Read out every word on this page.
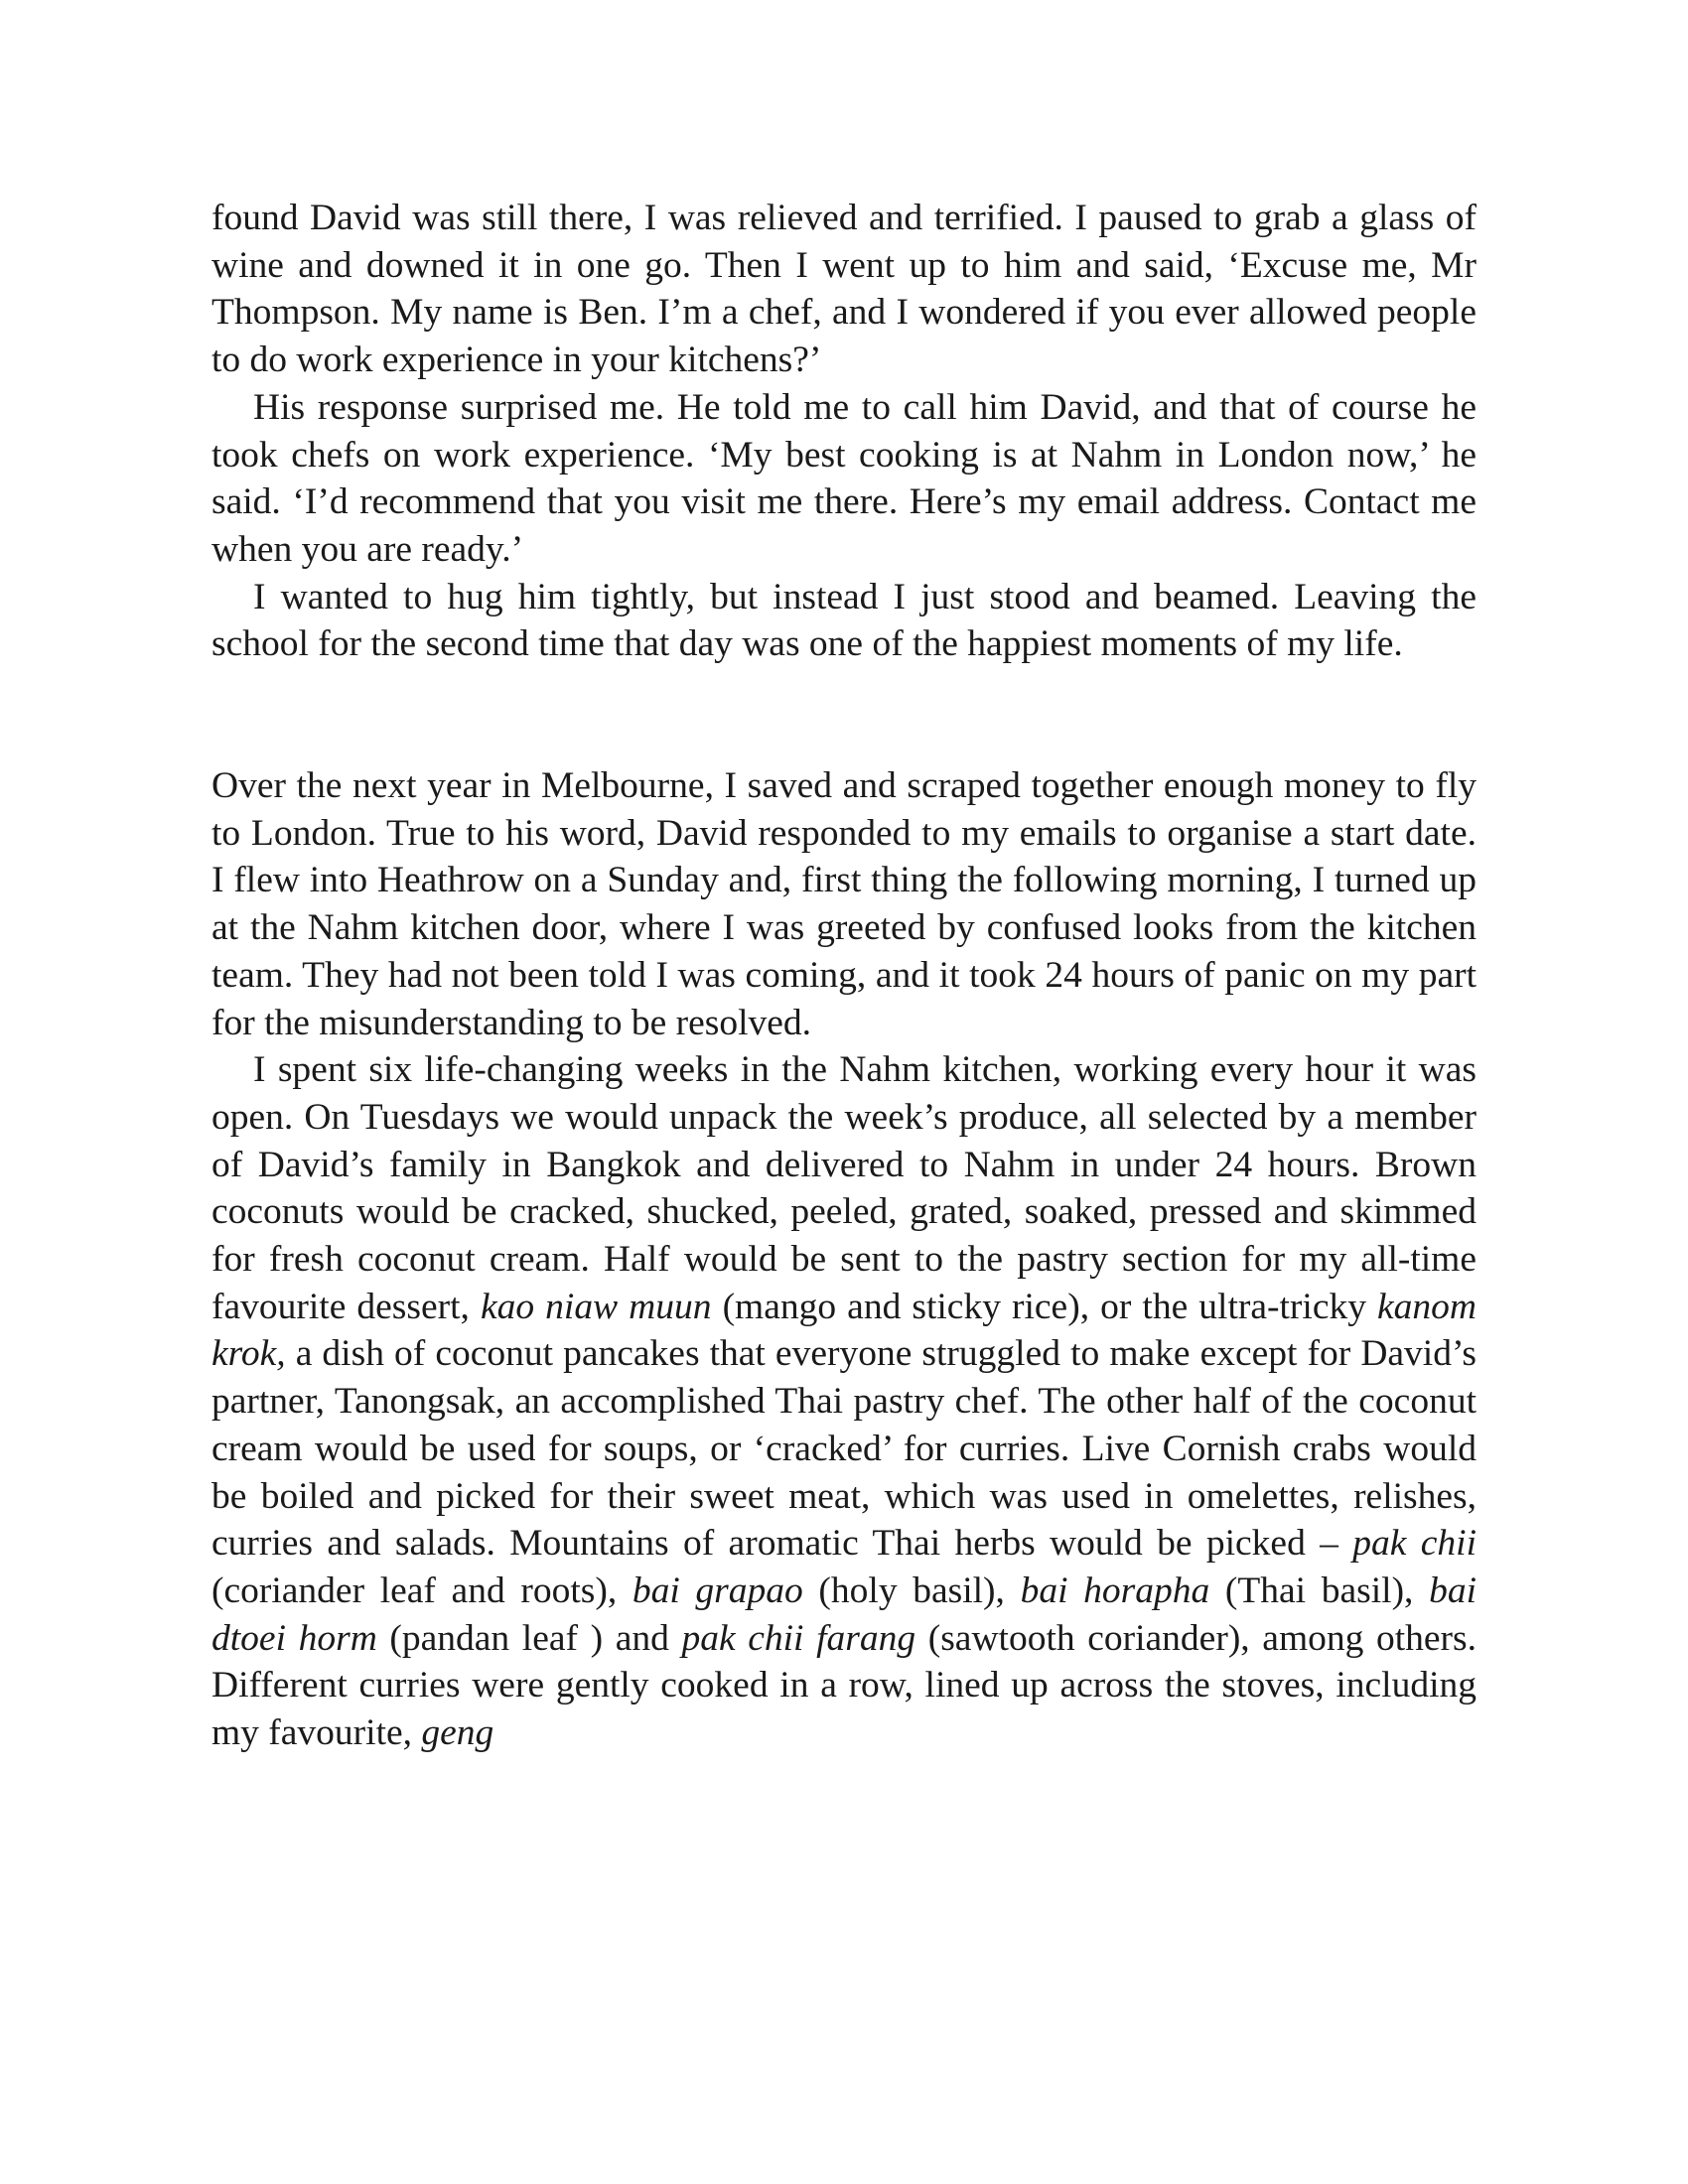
found David was still there, I was relieved and terrified. I paused to grab a glass of wine and downed it in one go. Then I went up to him and said, ‘Excuse me, Mr Thompson. My name is Ben. I’m a chef, and I wondered if you ever allowed people to do work experience in your kitchens?’

His response surprised me. He told me to call him David, and that of course he took chefs on work experience. ‘My best cooking is at Nahm in London now,’ he said. ‘I’d recommend that you visit me there. Here’s my email address. Contact me when you are ready.’

I wanted to hug him tightly, but instead I just stood and beamed. Leaving the school for the second time that day was one of the happiest moments of my life.

Over the next year in Melbourne, I saved and scraped together enough money to fly to London. True to his word, David responded to my emails to organise a start date. I flew into Heathrow on a Sunday and, first thing the following morning, I turned up at the Nahm kitchen door, where I was greeted by confused looks from the kitchen team. They had not been told I was coming, and it took 24 hours of panic on my part for the misunderstanding to be resolved.

I spent six life-changing weeks in the Nahm kitchen, working every hour it was open. On Tuesdays we would unpack the week’s produce, all selected by a member of David’s family in Bangkok and delivered to Nahm in under 24 hours. Brown coconuts would be cracked, shucked, peeled, grated, soaked, pressed and skimmed for fresh coconut cream. Half would be sent to the pastry section for my all-time favourite dessert, kao niaw muun (mango and sticky rice), or the ultra-tricky kanom krok, a dish of coconut pancakes that everyone struggled to make except for David’s partner, Tanongsak, an accomplished Thai pastry chef. The other half of the coconut cream would be used for soups, or ‘cracked’ for curries. Live Cornish crabs would be boiled and picked for their sweet meat, which was used in omelettes, relishes, curries and salads. Mountains of aromatic Thai herbs would be picked – pak chii (coriander leaf and roots), bai grapao (holy basil), bai horapha (Thai basil), bai dtoei horm (pandan leaf ) and pak chii farang (sawtooth coriander), among others. Different curries were gently cooked in a row, lined up across the stoves, including my favourite, geng
